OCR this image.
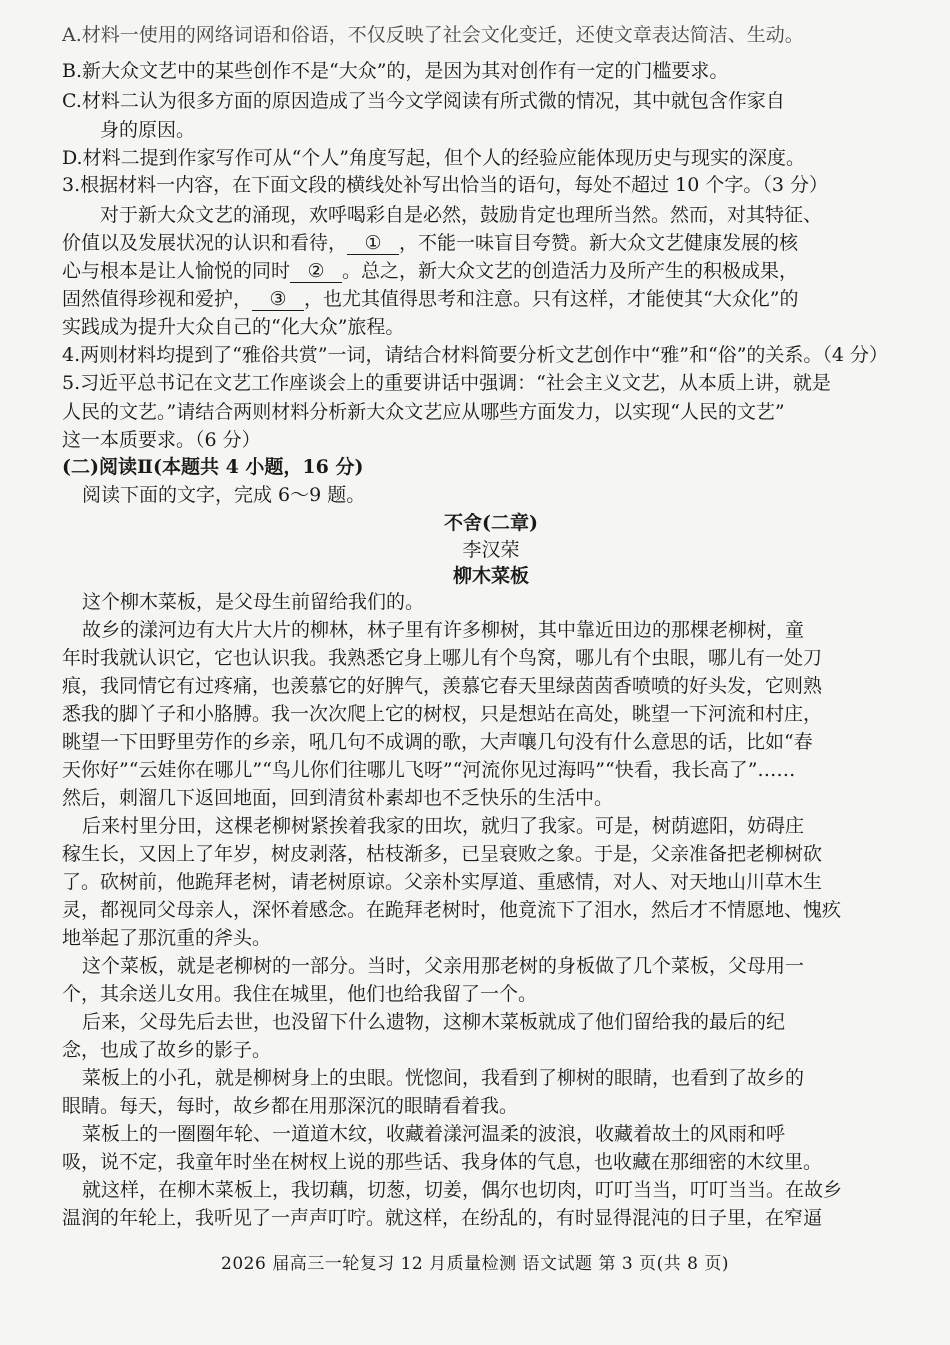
A.材料一使用的网络词语和俗语，不仅反映了社会文化变迁，还使文章表达简洁、生动。
B.新大众文艺中的某些创作不是“大众”的，是因为其对创作有一定的门槛要求。
C.材料二认为很多方面的原因造成了当今文学阅读有所式微的情况，其中就包含作家自
身的原因。
D.材料二提到作家写作可从“个人”角度写起，但个人的经验应能体现历史与现实的深度。
3.根据材料一内容，在下面文段的横线处补写出恰当的语句，每处不超过 10 个字。（3 分）
对于新大众文艺的涌现，欢呼喝彩自是必然，鼓励肯定也理所当然。然而，对其特征、
价值以及发展状况的认识和看待， ① ，不能一味盲目夸赞。新大众文艺健康发展的核
心与根本是让人愉悦的同时 ② 。总之，新大众文艺的创造活力及所产生的积极成果，
固然值得珍视和爱护， ③ ，也尤其值得思考和注意。只有这样，才能使其“大众化”的
实践成为提升大众自己的“化大众”旅程。
4.两则材料均提到了“雅俗共赏”一词，请结合材料简要分析文艺创作中“雅”和“俗”的关系。（4 分）
5.习近平总书记在文艺工作座谈会上的重要讲话中强调：“社会主义文艺，从本质上讲，就是
人民的文艺。”请结合两则材料分析新大众文艺应从哪些方面发力，以实现“人民的文艺”
这一本质要求。（6 分）
(二)阅读Ⅱ(本题共 4 小题，16 分)
阅读下面的文字，完成 6～9 题。
不舍(二章)
李汉荣
柳木菜板
这个柳木菜板，是父母生前留给我们的。
故乡的漾河边有大片大片的柳林，林子里有许多柳树，其中靠近田边的那棵老柳树，童
年时我就认识它，它也认识我。我熟悉它身上哪儿有个鸟窝，哪儿有个虫眼，哪儿有一处刀
痕，我同情它有过疼痛，也羡慕它的好脾气，羡慕它春天里绿茵茵香喷喷的好头发，它则熟
悉我的脚丫子和小胳膊。我一次次爬上它的树杈，只是想站在高处，眺望一下河流和村庄，
眺望一下田野里劳作的乡亲，吼几句不成调的歌，大声嚷几句没有什么意思的话，比如“春
天你好”“云娃你在哪儿”“鸟儿你们往哪儿飞呀”“河流你见过海吗”“快看，我长高了”……
然后，刺溜几下返回地面，回到清贫朴素却也不乏快乐的生活中。
后来村里分田，这棵老柳树紧挨着我家的田坎，就归了我家。可是，树荫遮阳，妨碍庄
稼生长，又因上了年岁，树皮剥落，枯枝渐多，已呈衰败之象。于是，父亲准备把老柳树砍
了。砍树前，他跪拜老树，请老树原谅。父亲朴实厚道、重感情，对人、对天地山川草木生
灵，都视同父母亲人，深怀着感念。在跪拜老树时，他竟流下了泪水，然后才不情愿地、愧疚
地举起了那沉重的斧头。
这个菜板，就是老柳树的一部分。当时，父亲用那老树的身板做了几个菜板，父母用一
个，其余送儿女用。我住在城里，他们也给我留了一个。
后来，父母先后去世，也没留下什么遗物，这柳木菜板就成了他们留给我的最后的纪
念，也成了故乡的影子。
菜板上的小孔，就是柳树身上的虫眼。恍惚间，我看到了柳树的眼睛，也看到了故乡的
眼睛。每天，每时，故乡都在用那深沉的眼睛看着我。
菜板上的一圈圈年轮、一道道木纹，收藏着漾河温柔的波浪，收藏着故土的风雨和呼
吸，说不定，我童年时坐在树杈上说的那些话、我身体的气息，也收藏在那细密的木纹里。
就这样，在柳木菜板上，我切藕，切葱，切姜，偶尔也切肉，叮叮当当，叮叮当当。在故乡
温润的年轮上，我听见了一声声叮咛。就这样，在纷乱的，有时显得混沌的日子里，在窄逼
2026 届高三一轮复习 12 月质量检测 语文试题 第 3 页(共 8 页)
